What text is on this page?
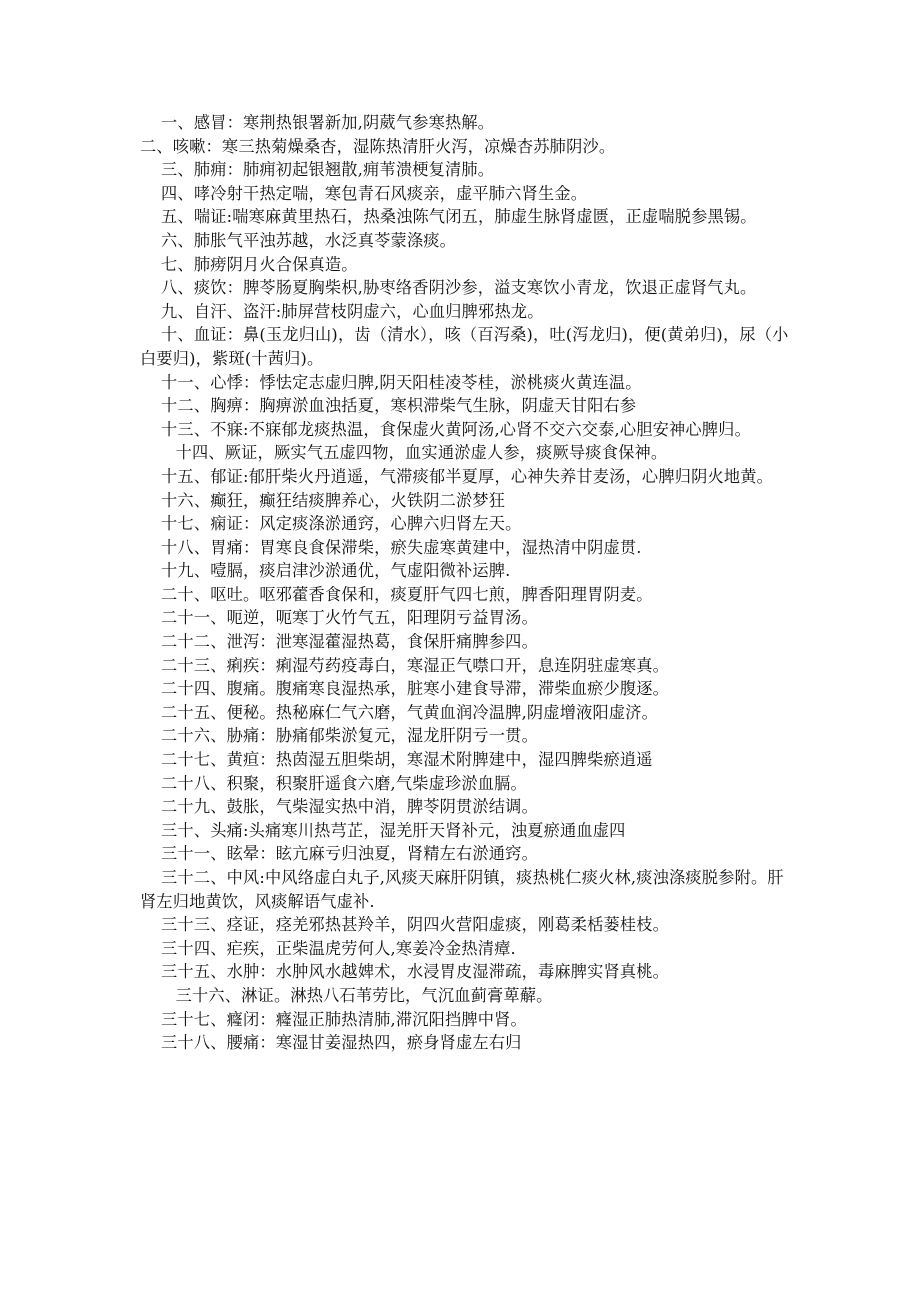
一、感冒：寒荆热银署新加,阴葳气参寒热解。

二、咳嗽：寒三热菊燥桑杏，湿陈热清肝火泻，凉燥杏苏肺阴沙。

三、肺痈：肺痈初起银翘散,痈苇溃梗复清肺。

四、哮冷射干热定喘，寒包青石风痰亲，虚平肺六肾生金。

五、喘证:喘寒麻黄里热石，热桑浊陈气闭五，肺虚生脉肾虚匮，正虚喘脱参黑锡。

六、肺胀气平浊苏越，水泛真苓蒙涤痰。

七、肺痨阴月火合保真造。

八、痰饮：脾苓肠夏胸柴枳,胁枣络香阴沙参，溢支寒饮小青龙，饮退正虚肾气丸。

九、自汗、盗汗:肺屏营枝阴虚六，心血归脾邪热龙。

十、血证：鼻(玉龙归山)，齿（清水），咳（百泻桑)，吐(泻龙归)，便(黄弟归)，尿（小白要归)，紫斑(十茜归)。

十一、心悸：悸怯定志虚归脾,阴天阳桂凌苓桂，淤桃痰火黄连温。

十二、胸痹：胸痹淤血浊括夏，寒枳滞柴气生脉，阴虚天甘阳右参

十三、不寐:不寐郁龙痰热温，食保虚火黄阿汤,心肾不交六交泰,心胆安神心脾归。

十四、厥证，厥实气五虚四物，血实通淤虚人参，痰厥导痰食保神。

十五、郁证:郁肝柴火丹逍遥，气滞痰郁半夏厚，心神失养甘麦汤，心脾归阴火地黄。

十六、癫狂，癫狂结痰脾养心，火铁阴二淤梦狂

十七、痫证：风定痰涤淤通窍，心脾六归肾左天。

十八、胃痛：胃寒良食保滞柴，瘀失虚寒黄建中，湿热清中阴虚贯.

十九、噎膈，痰启津沙淤通优，气虚阳微补运脾.

二十、呕吐。呕邪藿香食保和，痰夏肝气四七煎，脾香阳理胃阴麦。

二十一、呃逆，呃寒丁火竹气五，阳理阴亏益胃汤。

二十二、泄泻：泄寒湿藿湿热葛，食保肝痛脾参四。

二十三、痢疾：痢湿芍药疫毒白，寒湿正气噤口开，息连阴驻虚寒真。

二十四、腹痛。腹痛寒良湿热承，脏寒小建食导滞，滞柴血瘀少腹逐。

二十五、便秘。热秘麻仁气六磨，气黄血润冷温脾,阴虚增液阳虚济。

二十六、胁痛：胁痛郁柴淤复元，湿龙肝阴亏一贯。

二十七、黄疸：热茵湿五胆柴胡，寒湿术附脾建中，湿四脾柴瘀逍遥

二十八、积聚，积聚肝遥食六磨,气柴虚珍淤血膈。

二十九、鼓胀，气柴湿实热中消，脾苓阴贯淤结调。

三十、头痛:头痛寒川热芎芷，湿羌肝天肾补元，浊夏瘀通血虚四

三十一、眩晕：眩亢麻亏归浊夏，肾精左右淤通窍。

三十二、中风:中风络虚白丸子,风痰天麻肝阴镇，痰热桃仁痰火林,痰浊涤痰脱参附。肝肾左归地黄饮，风痰解语气虚补.

三十三、痉证，痉羌邪热甚羚羊，阴四火营阳虚痰，刚葛柔栝蒌桂枝。

三十四、疟疾，正柴温虎劳何人,寒姜冷金热清瘴.

三十五、水肿：水肿风水越婢术，水浸胃皮湿滞疏，毒麻脾实肾真桃。

三十六、淋证。淋热八石苇劳比，气沉血蓟膏萆薢。

三十七、癃闭：癃湿正肺热清肺,滞沉阳挡脾中肾。

三十八、腰痛：寒湿甘姜湿热四，瘀身肾虚左右归
